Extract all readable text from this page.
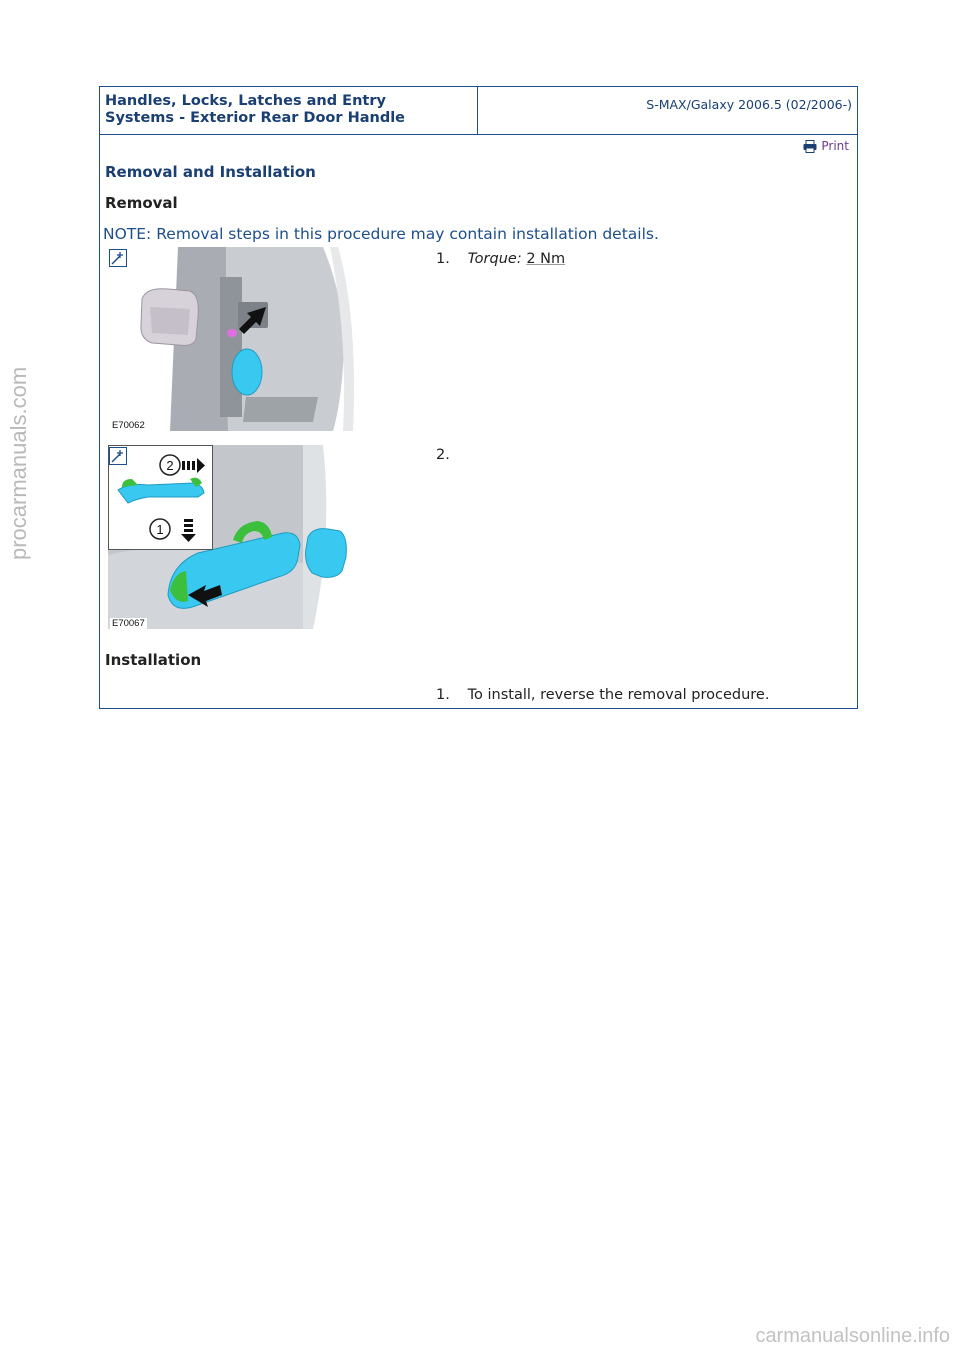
Handles, Locks, Latches and Entry
Systems - Exterior Rear Door Handle
S-MAX/Galaxy 2006.5 (02/2006-)
Print
Removal and Installation
Removal
NOTE: Removal steps in this procedure may contain installation details.
E70062
1. Torque: 2 Nm
2
1
E70067
2.
Installation
1. To install, reverse the removal procedure.
procarmanuals.com
carmanualsonline.info
